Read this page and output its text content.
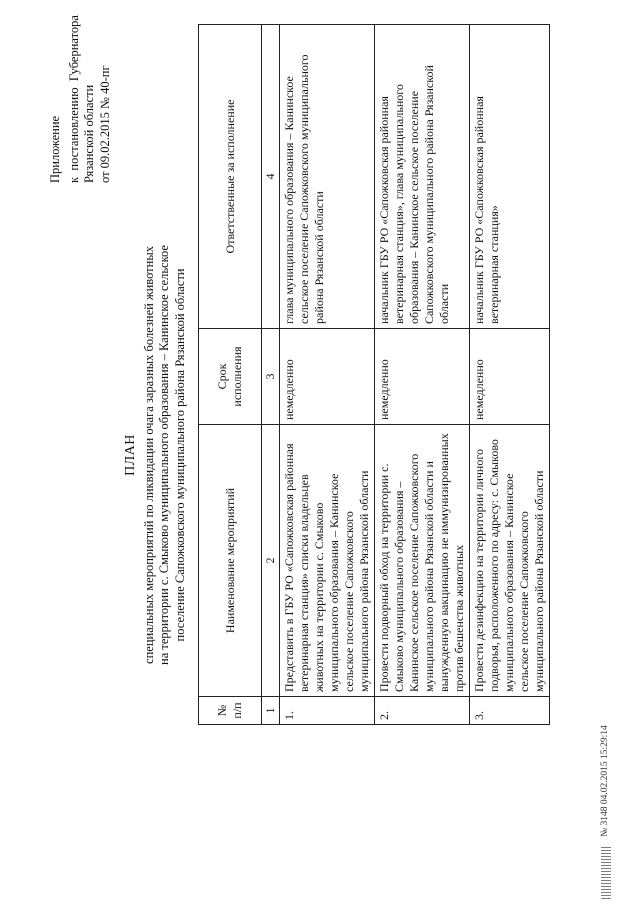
Приложение к
постановлению
Губернатора
Рязанской области от 09.02.2015 № 40-пг
ПЛАН специальных мероприятий по ликвидации очага заразных болезней животных на территории с. Смыково муниципального образования – Канинское сельское поселение Сапожковского муниципального района Рязанской области
№ п/п	Наименование мероприятий	Срок исполнения	Ответственные за исполнение
1	2	3	4
1.	Представить в ГБУ РО «Сапожковская районная ветеринарная станция» списки владельцев животных на территории с. Смыково муниципального образования – Канинское сельское поселение Сапожковского муниципального района Рязанской области	немедленно	глава муниципального образования – Канинское сельское поселение Сапожковского муниципального района Рязанской области
2.	Провести подворный обход на территории с. Смыково муниципального образования – Канинское сельское поселение Сапожковского муниципального района Рязанской области и вынужденную вакцинацию не иммунизированных против бешенства животных	немедленно	начальник ГБУ РО «Сапожковская районная ветеринарная станция», глава муниципального образования – Канинское сельское поселение Сапожковского муниципального района Рязанской области
3.	Провести дезинфекцию на территории личного подворья, расположенного по адресу: с. Смыково муниципального образования – Канинское сельское поселение Сапожковского муниципального района Рязанской области	немедленно	начальник ГБУ РО «Сапожковская районная ветеринарная станция»
№ 3148 04.02.2015 15:29:14
